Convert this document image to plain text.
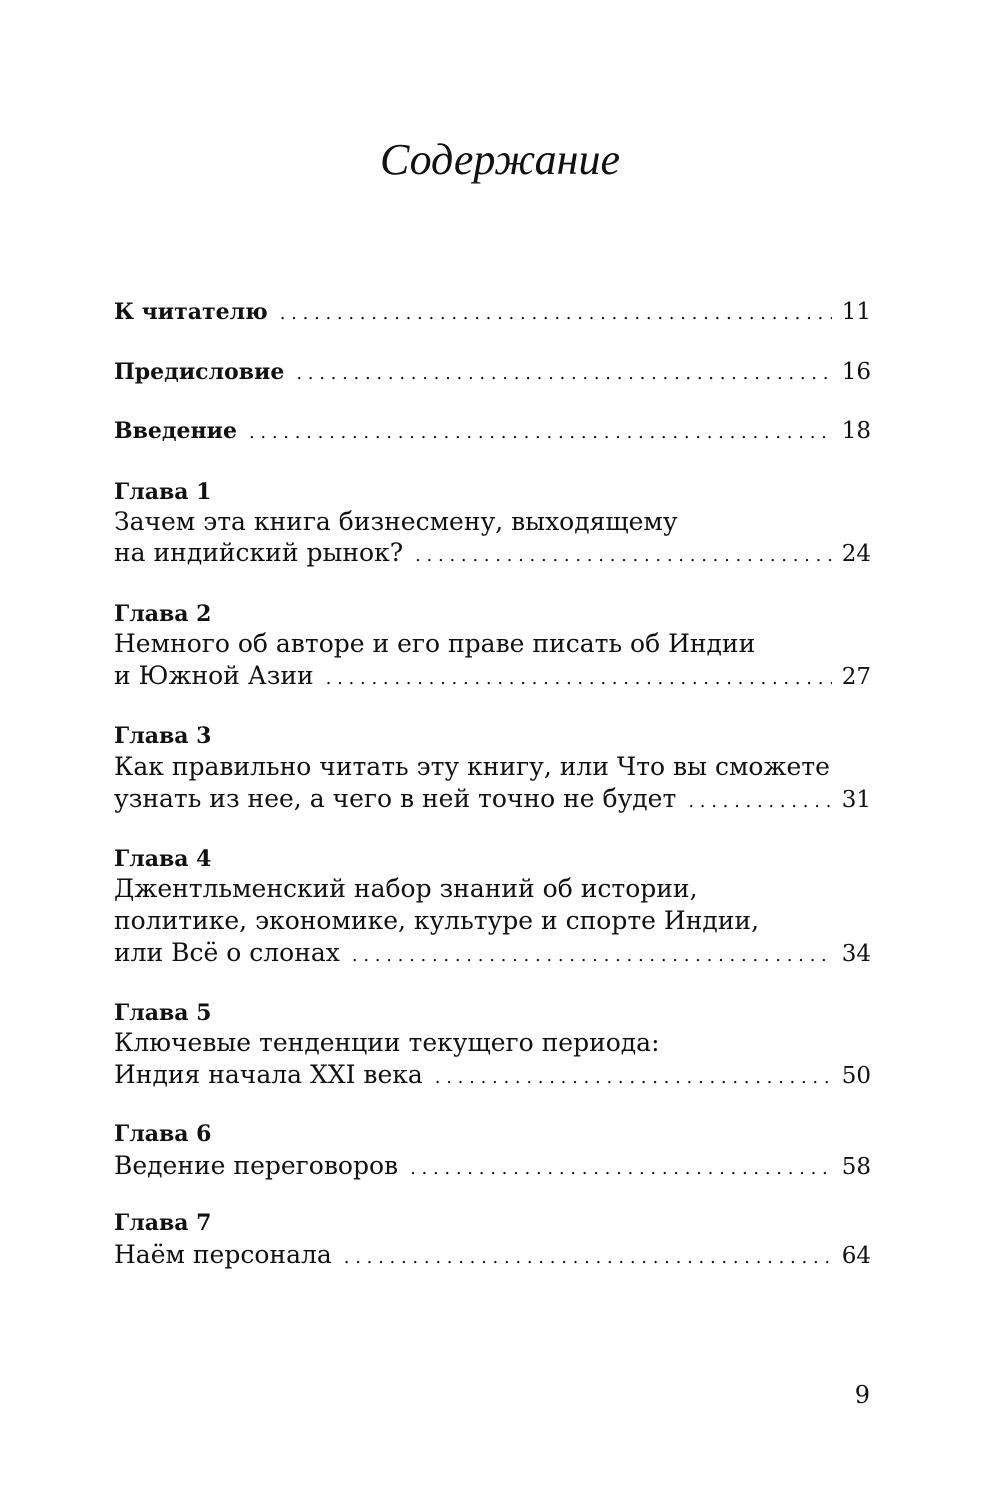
Содержание
К читателю . . .	11
Предисловие . . .	16
Введение . . .	18
Глава 1
Зачем эта книга бизнесмену, выходящему
на индийский рынок? . . .	24
Глава 2
Немного об авторе и его праве писать об Индии
и Южной Азии . . .	27
Глава 3
Как правильно читать эту книгу, или Что вы сможете
узнать из нее, а чего в ней точно не будет . . .	31
Глава 4
Джентльменский набор знаний об истории,
политике, экономике, культуре и спорте Индии,
или Всё о слонах . . .	34
Глава 5
Ключевые тенденции текущего периода:
Индия начала XXI века . . .	50
Глава 6
Ведение переговоров . . .	58
Глава 7
Наём персонала . . .	64
9
